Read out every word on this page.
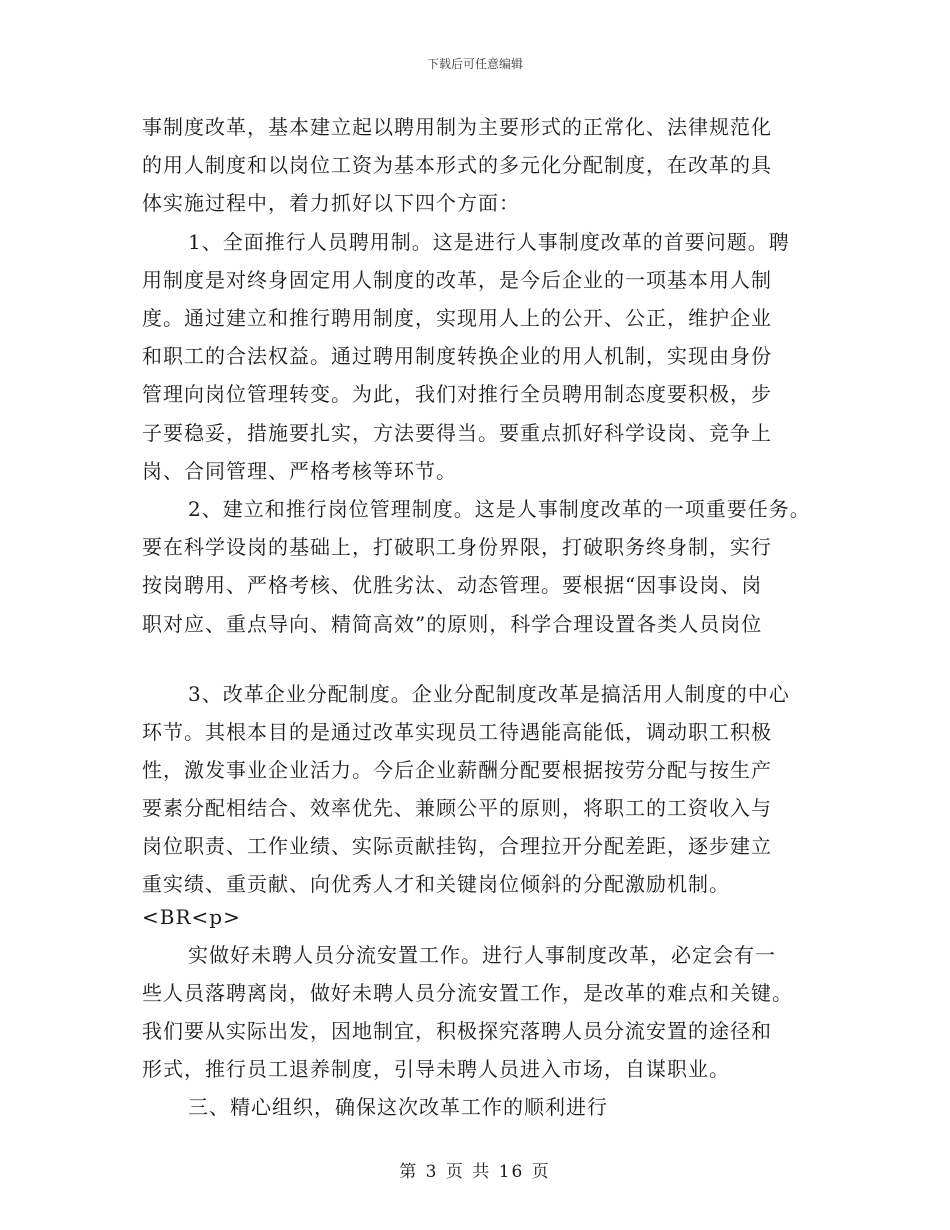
下载后可任意编辑
事制度改革，基本建立起以聘用制为主要形式的正常化、法律规范化
的用人制度和以岗位工资为基本形式的多元化分配制度，在改革的具
体实施过程中，着力抓好以下四个方面：
1、全面推行人员聘用制。这是进行人事制度改革的首要问题。聘
用制度是对终身固定用人制度的改革，是今后企业的一项基本用人制
度。通过建立和推行聘用制度，实现用人上的公开、公正，维护企业
和职工的合法权益。通过聘用制度转换企业的用人机制，实现由身份
管理向岗位管理转变。为此，我们对推行全员聘用制态度要积极，步
子要稳妥，措施要扎实，方法要得当。要重点抓好科学设岗、竞争上
岗、合同管理、严格考核等环节。
2、建立和推行岗位管理制度。这是人事制度改革的一项重要任务。
要在科学设岗的基础上，打破职工身份界限，打破职务终身制，实行
按岗聘用、严格考核、优胜劣汰、动态管理。要根据“因事设岗、岗
职对应、重点导向、精简高效”的原则，科学合理设置各类人员岗位
3、改革企业分配制度。企业分配制度改革是搞活用人制度的中心
环节。其根本目的是通过改革实现员工待遇能高能低，调动职工积极
性，激发事业企业活力。今后企业薪酬分配要根据按劳分配与按生产
要素分配相结合、效率优先、兼顾公平的原则，将职工的工资收入与
岗位职责、工作业绩、实际贡献挂钩，合理拉开分配差距，逐步建立
重实绩、重贡献、向优秀人才和关键岗位倾斜的分配激励机制。
<BR<p>
实做好未聘人员分流安置工作。进行人事制度改革，必定会有一
些人员落聘离岗，做好未聘人员分流安置工作，是改革的难点和关键。
我们要从实际出发，因地制宜，积极探究落聘人员分流安置的途径和
形式，推行员工退养制度，引导未聘人员进入市场，自谋职业。
三、精心组织，确保这次改革工作的顺利进行
第 3 页 共 16 页
